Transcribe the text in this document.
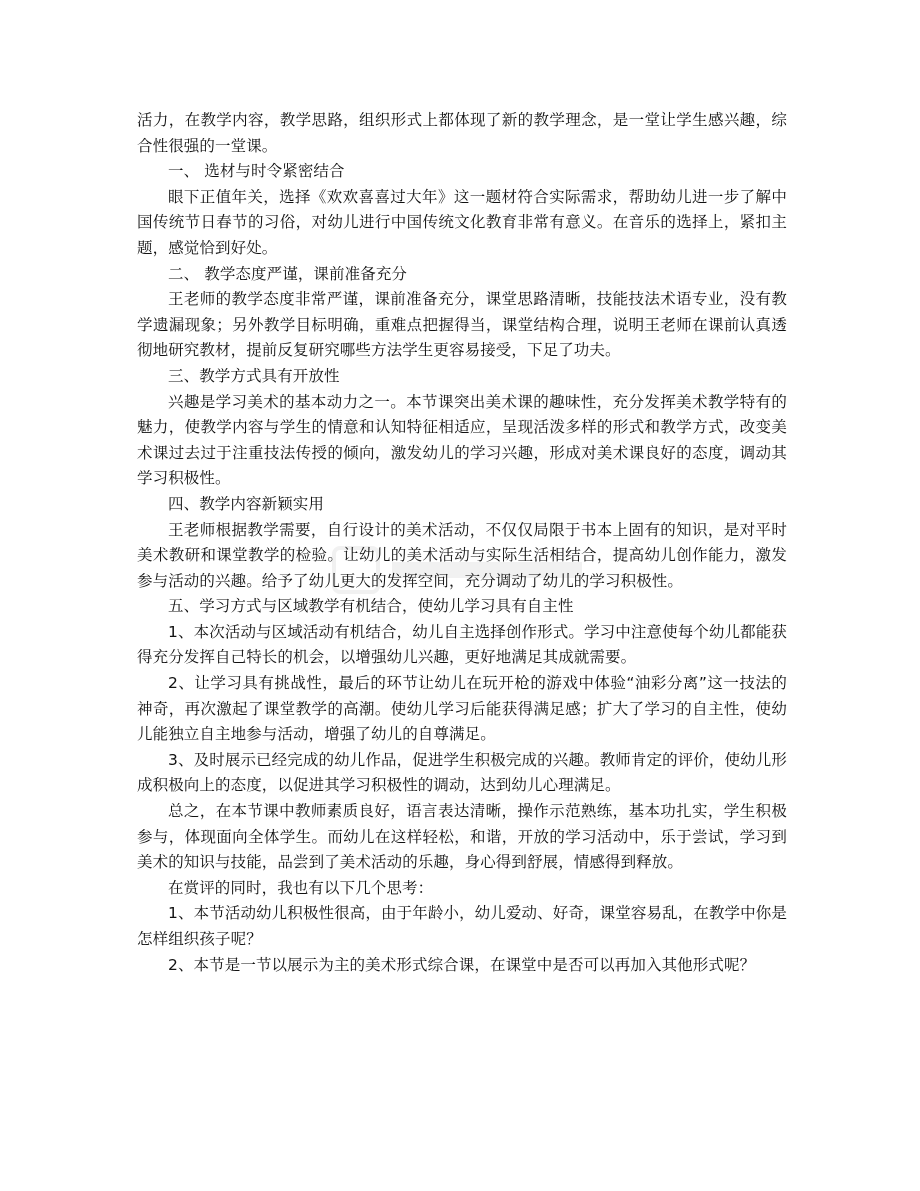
活力，在教学内容，教学思路，组织形式上都体现了新的教学理念，是一堂让学生感兴趣，综合性很强的一堂课。

一、 选材与时令紧密结合

眼下正值年关，选择《欢欢喜喜过大年》这一题材符合实际需求，帮助幼儿进一步了解中国传统节日春节的习俗，对幼儿进行中国传统文化教育非常有意义。在音乐的选择上，紧扣主题，感觉恰到好处。

二、 教学态度严谨，课前准备充分

王老师的教学态度非常严谨，课前准备充分，课堂思路清晰，技能技法术语专业，没有教学遗漏现象；另外教学目标明确，重难点把握得当，课堂结构合理，说明王老师在课前认真透彻地研究教材，提前反复研究哪些方法学生更容易接受，下足了功夫。

三、教学方式具有开放性

兴趣是学习美术的基本动力之一。本节课突出美术课的趣味性，充分发挥美术教学特有的魅力，使教学内容与学生的情意和认知特征相适应，呈现活泼多样的形式和教学方式，改变美术课过去过于注重技法传授的倾向，激发幼儿的学习兴趣，形成对美术课良好的态度，调动其学习积极性。

四、教学内容新颖实用

王老师根据教学需要，自行设计的美术活动，不仅仅局限于书本上固有的知识，是对平时美术教研和课堂教学的检验。让幼儿的美术活动与实际生活相结合，提高幼儿创作能力，激发参与活动的兴趣。给予了幼儿更大的发挥空间，充分调动了幼儿的学习积极性。

五、学习方式与区域教学有机结合，使幼儿学习具有自主性

1、本次活动与区域活动有机结合，幼儿自主选择创作形式。学习中注意使每个幼儿都能获得充分发挥自己特长的机会，以增强幼儿兴趣，更好地满足其成就需要。

2、让学习具有挑战性，最后的环节让幼儿在玩开枪的游戏中体验“油彩分离”这一技法的神奇，再次激起了课堂教学的高潮。使幼儿学习后能获得满足感；扩大了学习的自主性，使幼儿能独立自主地参与活动，增强了幼儿的自尊满足。

3、及时展示已经完成的幼儿作品，促进学生积极完成的兴趣。教师肯定的评价，使幼儿形成积极向上的态度，以促进其学习积极性的调动，达到幼儿心理满足。

总之，在本节课中教师素质良好，语言表达清晰，操作示范熟练，基本功扎实，学生积极参与，体现面向全体学生。而幼儿在这样轻松，和谐，开放的学习活动中，乐于尝试，学习到美术的知识与技能，品尝到了美术活动的乐趣，身心得到舒展，情感得到释放。

在赏评的同时，我也有以下几个思考：

1、本节活动幼儿积极性很高，由于年龄小，幼儿爱动、好奇，课堂容易乱，在教学中你是怎样组织孩子呢？

2、本节是一节以展示为主的美术形式综合课，在课堂中是否可以再加入其他形式呢？
